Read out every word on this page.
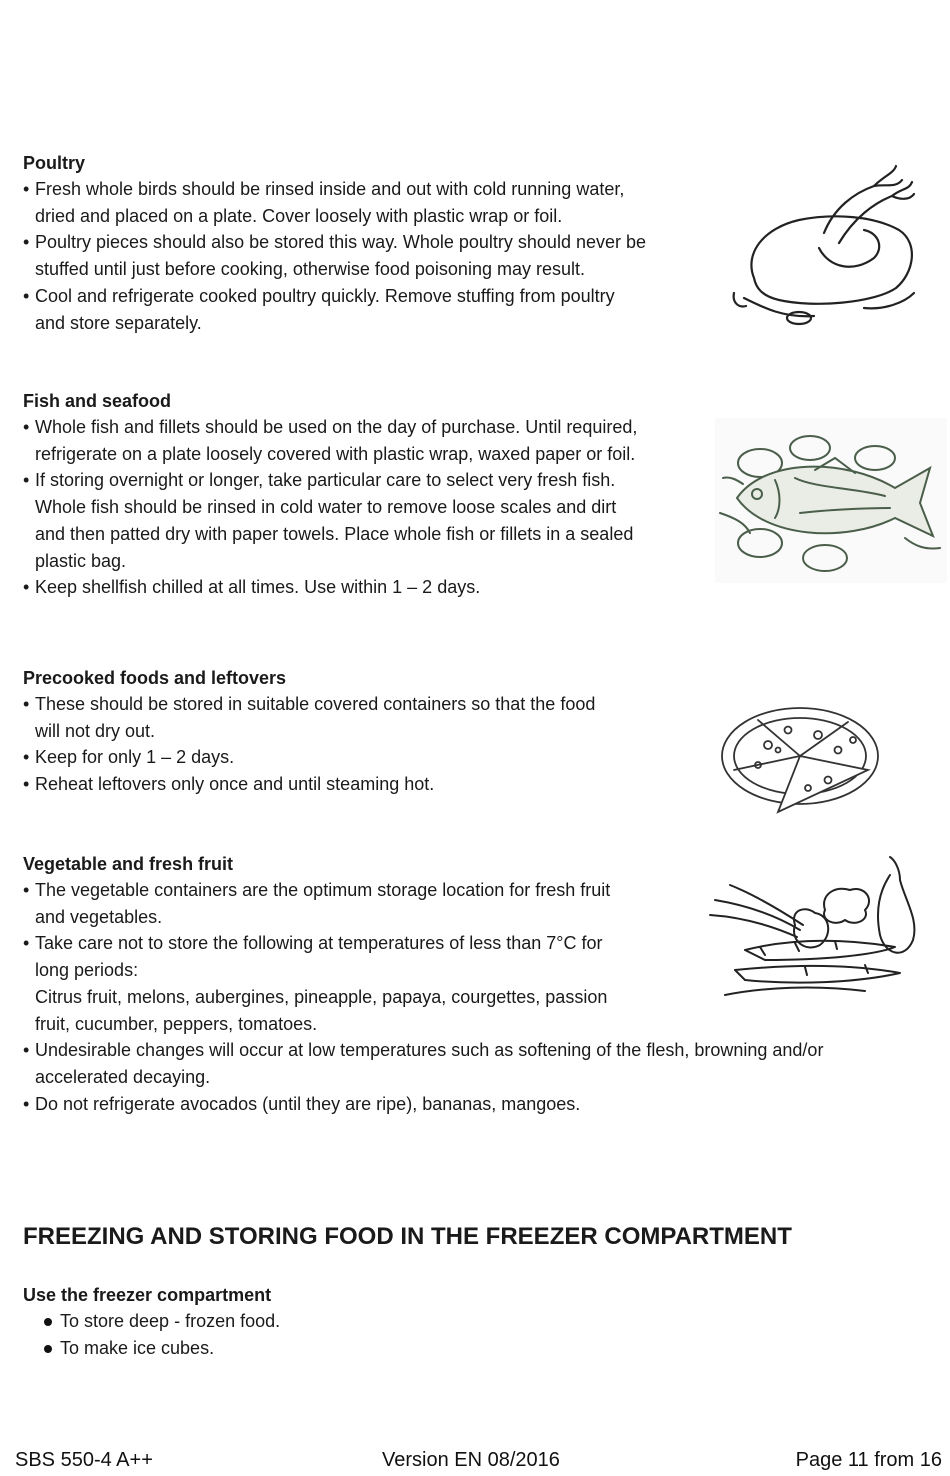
Poultry
• Fresh whole birds should be rinsed inside and out with cold running water,
dried and placed on a plate. Cover loosely with plastic wrap or foil.
• Poultry pieces should also be stored this way. Whole poultry should never be
stuffed until just before cooking, otherwise food poisoning may result.
• Cool and refrigerate cooked poultry quickly. Remove stuffing from poultry
and store separately.
Fish and seafood
• Whole fish and fillets should be used on the day of purchase. Until required,
refrigerate on a plate loosely covered with plastic wrap, waxed paper or foil.
• If storing overnight or longer, take particular care to select very fresh fish.
Whole fish should be rinsed in cold water to remove loose scales and dirt
and then patted dry with paper towels. Place whole fish or fillets in a sealed
plastic bag.
• Keep shellfish chilled at all times. Use within 1 – 2 days.
Precooked foods and leftovers
• These should be stored in suitable covered containers so that the food
will not dry out.
• Keep for only 1 – 2 days.
• Reheat leftovers only once and until steaming hot.
Vegetable and fresh fruit
• The vegetable containers are the optimum storage location for fresh fruit
and vegetables.
• Take care not to store the following at temperatures of less than 7°C for
long periods:
Citrus fruit, melons, aubergines, pineapple, papaya, courgettes, passion
fruit, cucumber, peppers, tomatoes.
• Undesirable changes will occur at low temperatures such as softening of the flesh, browning and/or
accelerated decaying.
• Do not refrigerate avocados (until they are ripe), bananas, mangoes.
FREEZING AND STORING FOOD IN THE FREEZER COMPARTMENT
Use the freezer compartment
To store deep ‑ frozen food.
To make ice cubes.
SBS 550-4 A++	Version EN 08/2016	Page 11 from 16
